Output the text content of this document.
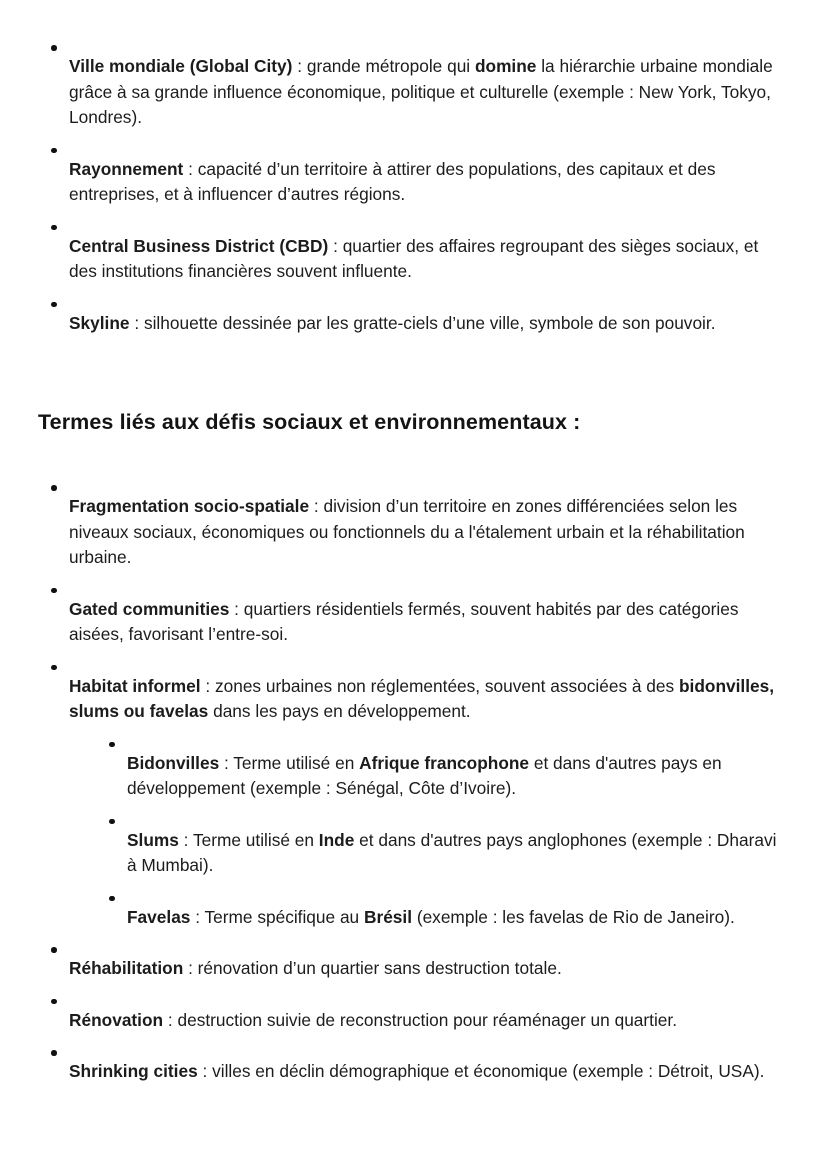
Ville mondiale (Global City) : grande métropole qui domine la hiérarchie urbaine mondiale grâce à sa grande influence économique, politique et culturelle (exemple : New York, Tokyo, Londres).
Rayonnement : capacité d’un territoire à attirer des populations, des capitaux et des entreprises, et à influencer d’autres régions.
Central Business District (CBD) : quartier des affaires regroupant des sièges sociaux, et des institutions financières souvent influente.
Skyline : silhouette dessinée par les gratte-ciels d’une ville, symbole de son pouvoir.
Termes liés aux défis sociaux et environnementaux :
Fragmentation socio-spatiale : division d’un territoire en zones différenciées selon les niveaux sociaux, économiques ou fonctionnels du a l'étalement urbain et la réhabilitation urbaine.
Gated communities : quartiers résidentiels fermés, souvent habités par des catégories aisées, favorisant l’entre-soi.
Habitat informel : zones urbaines non réglementées, souvent associées à des bidonvilles, slums ou favelas dans les pays en développement.
Bidonvilles : Terme utilisé en Afrique francophone et dans d'autres pays en développement (exemple : Sénégal, Côte d’Ivoire).
Slums : Terme utilisé en Inde et dans d'autres pays anglophones (exemple : Dharavi à Mumbai).
Favelas : Terme spécifique au Brésil (exemple : les favelas de Rio de Janeiro).
Réhabilitation : rénovation d’un quartier sans destruction totale.
Rénovation : destruction suivie de reconstruction pour réaménager un quartier.
Shrinking cities : villes en déclin démographique et économique (exemple : Détroit, USA).
